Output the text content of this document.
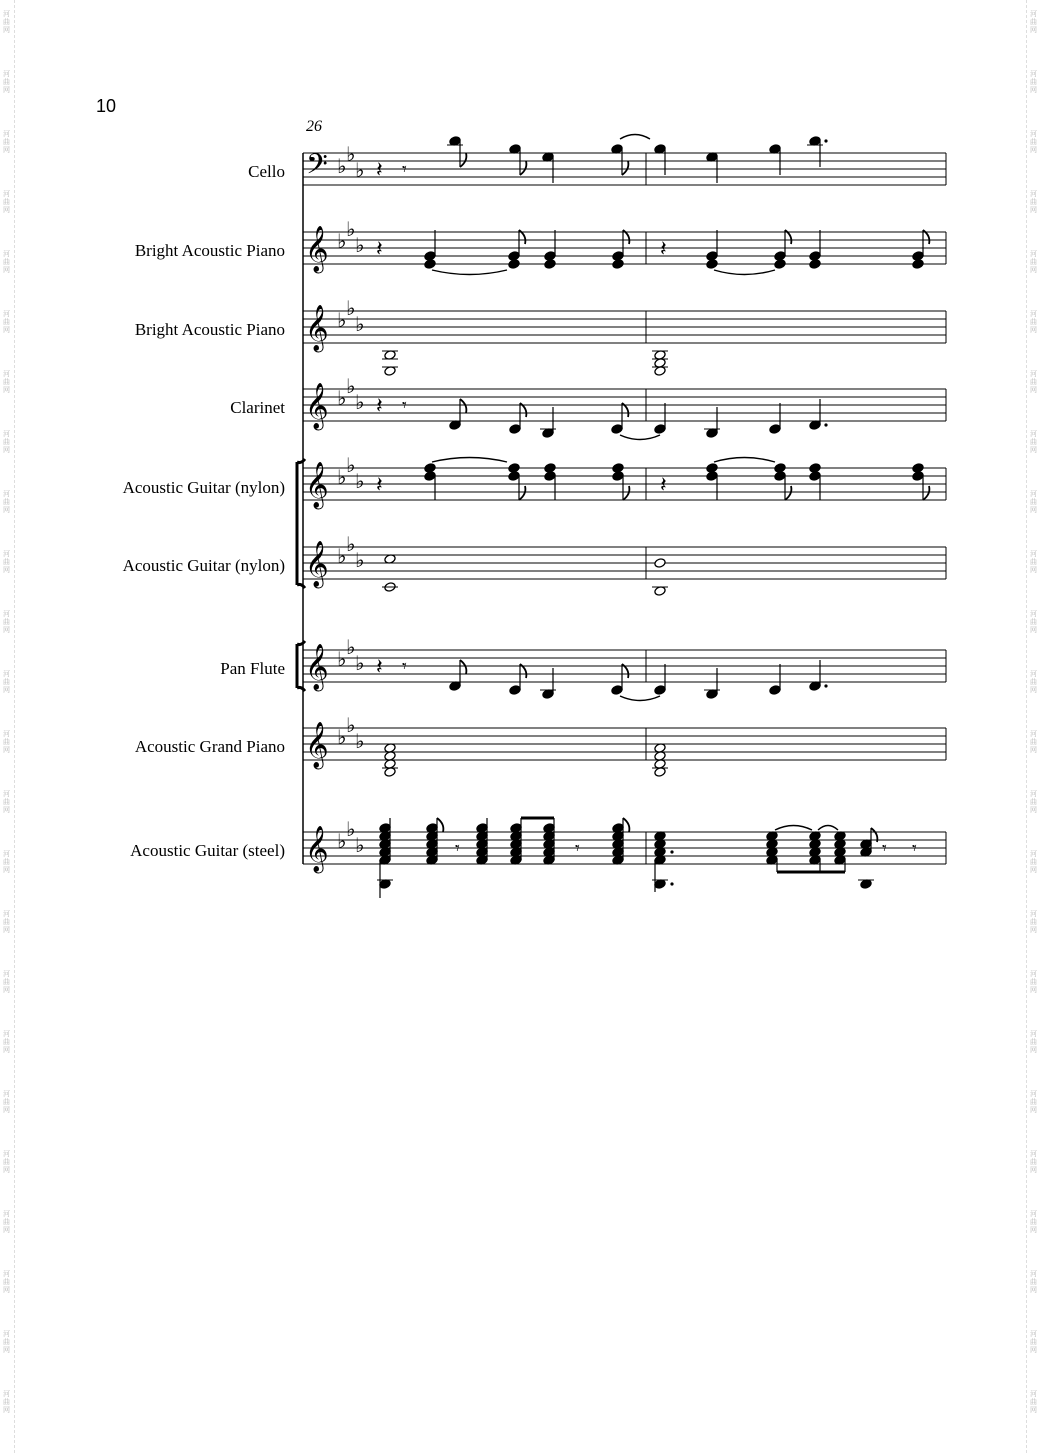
河
曲
网
河
曲
网
河
曲
网
河
曲
网
河
曲
网
河
曲
网
河
曲
网
河
曲
网
河
曲
网
河
曲
网
河
曲
网
河
曲
网
河
曲
网
河
曲
网
河
曲
网
河
曲
网
河
曲
网
河
曲
网
河
曲
网
河
曲
网
河
曲
网
河
曲
网
河
曲
网
河
曲
网
河
曲
网
河
曲
网
河
曲
网
河
曲
网
河
曲
网
河
曲
网
河
曲
网
河
曲
网
河
曲
网
河
曲
网
河
曲
网
河
曲
网
河
曲
网
河
曲
网
河
曲
网
河
曲
网
河
曲
网
河
曲
网
河
曲
网
河
曲
网
河
曲
网
河
曲
网
河
曲
网
河
曲
网
10
26
Cello
Bright Acoustic Piano
Bright Acoustic Piano
Clarinet
Acoustic Guitar (nylon)
Acoustic Guitar (nylon)
Pan Flute
Acoustic Grand Piano
Acoustic Guitar (steel)
𝄢
𝄞
𝄞
𝄞
𝄞
𝄞
𝄞
𝄞
𝄞
♭ ♭
♭
♭ ♭
♭
♭ ♭
♭
♭ ♭
♭
♭ ♭
♭
♭ ♭
♭
♭ ♭
♭
♭ ♭
♭
♭ ♭
♭
𝄽 𝄾
𝄽	𝄽
𝄽 𝄾
𝄽	𝄽
𝄽 𝄾
𝄾	𝄾	𝄾 𝄾
